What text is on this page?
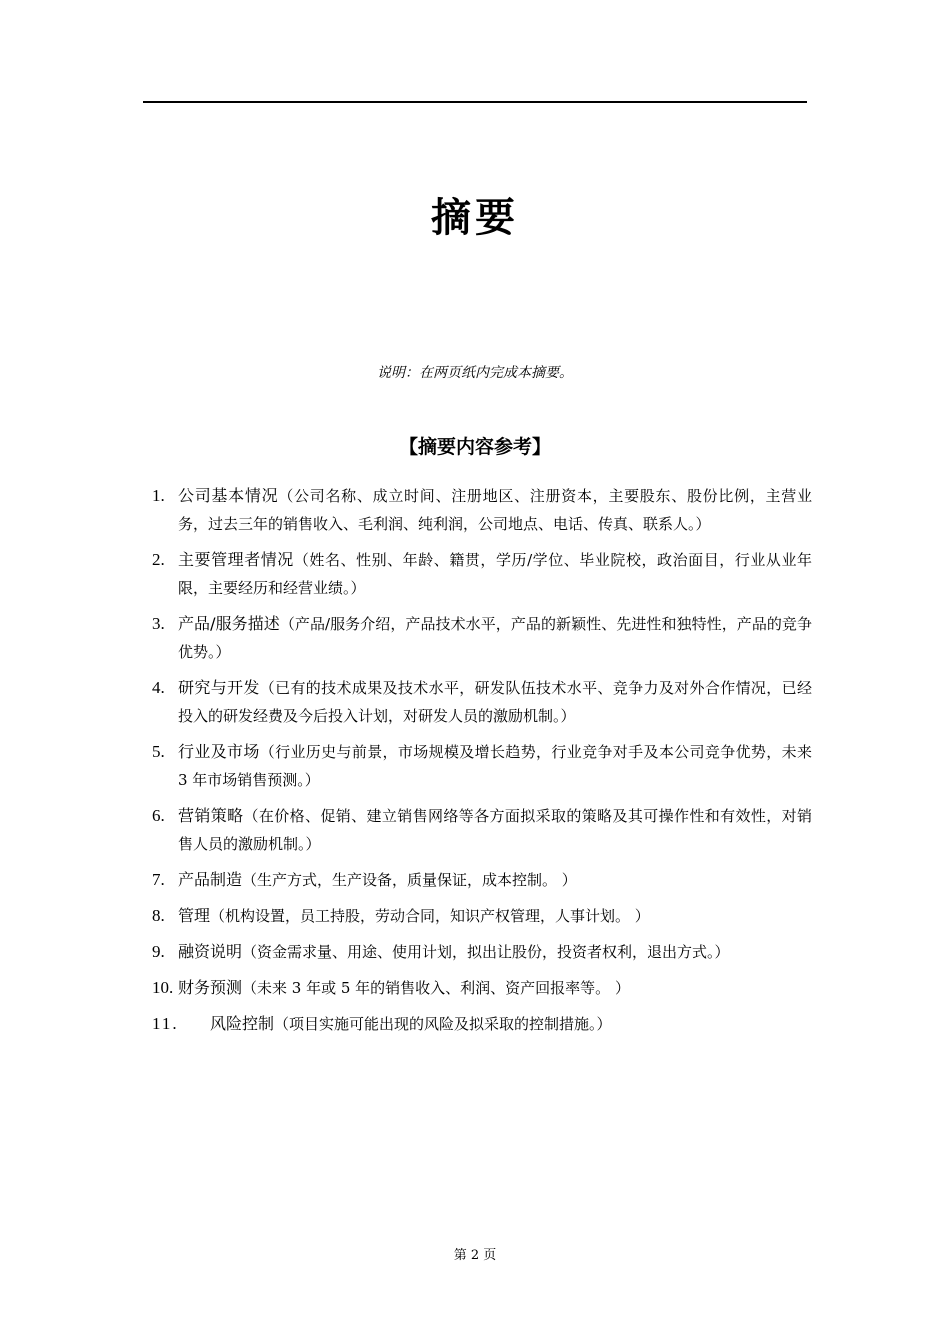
摘要
说明：在两页纸内完成本摘要。
【摘要内容参考】
1. 公司基本情况（公司名称、成立时间、注册地区、注册资本，主要股东、股份比例，主营业务，过去三年的销售收入、毛利润、纯利润，公司地点、电话、传真、联系人。）
2. 主要管理者情况（姓名、性别、年龄、籍贯，学历/学位、毕业院校，政治面目，行业从业年限，主要经历和经营业绩。）
3. 产品/服务描述（产品/服务介绍，产品技术水平，产品的新颖性、先进性和独特性，产品的竞争优势。）
4. 研究与开发（已有的技术成果及技术水平，研发队伍技术水平、竞争力及对外合作情况，已经投入的研发经费及今后投入计划，对研发人员的激励机制。）
5. 行业及市场（行业历史与前景，市场规模及增长趋势，行业竞争对手及本公司竞争优势，未来 3 年市场销售预测。）
6. 营销策略（在价格、促销、建立销售网络等各方面拟采取的策略及其可操作性和有效性，对销售人员的激励机制。）
7. 产品制造（生产方式，生产设备，质量保证，成本控制。 ）
8. 管理（机构设置，员工持股，劳动合同，知识产权管理，人事计划。 ）
9. 融资说明（资金需求量、用途、使用计划，拟出让股份，投资者权利，退出方式。）
10. 财务预测（未来 3 年或 5 年的销售收入、利润、资产回报率等。 ）
11. 风险控制（项目实施可能出现的风险及拟采取的控制措施。）
第 2 页
